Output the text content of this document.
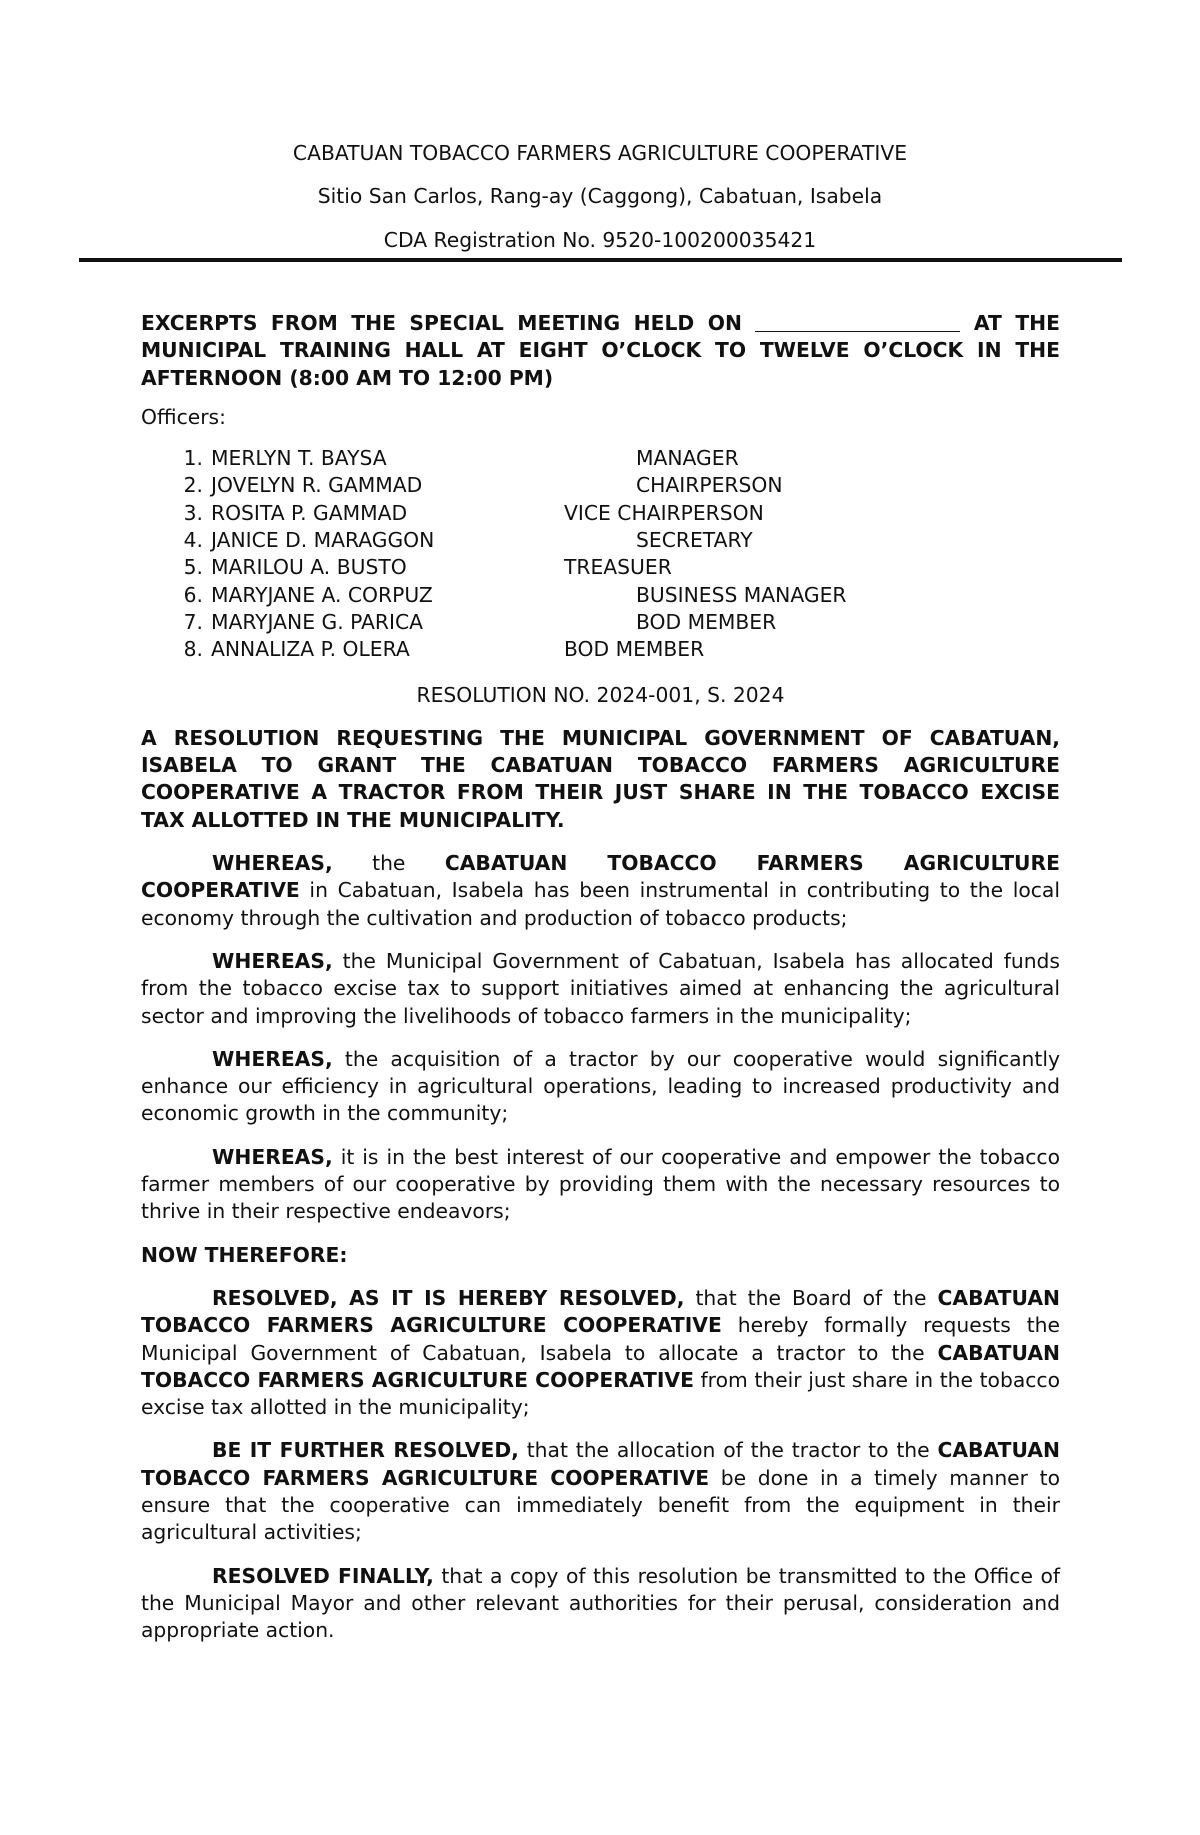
CABATUAN TOBACCO FARMERS AGRICULTURE COOPERATIVE
Sitio San Carlos, Rang-ay (Caggong), Cabatuan, Isabela
CDA Registration No. 9520-100200035421

EXCERPTS FROM THE SPECIAL MEETING HELD ON	AT THE MUNICIPAL TRAINING HALL AT EIGHT O’CLOCK TO TWELVE O’CLOCK IN THE AFTERNOON (8:00 AM TO 12:00 PM)

Officers:

1. MERLYN T. BAYSA	MANAGER
2. JOVELYN R. GAMMAD	CHAIRPERSON
3. ROSITA P. GAMMAD	VICE CHAIRPERSON
4. JANICE D. MARAGGON	SECRETARY
5. MARILOU A. BUSTO	TREASUER
6. MARYJANE A. CORPUZ	BUSINESS MANAGER
7. MARYJANE G. PARICA	BOD MEMBER
8. ANNALIZA P. OLERA	BOD MEMBER

RESOLUTION NO. 2024-001, S. 2024

A RESOLUTION REQUESTING THE MUNICIPAL GOVERNMENT OF CABATUAN, ISABELA TO GRANT THE CABATUAN TOBACCO FARMERS AGRICULTURE COOPERATIVE A TRACTOR FROM THEIR JUST SHARE IN THE TOBACCO EXCISE TAX ALLOTTED IN THE MUNICIPALITY.

WHEREAS, the CABATUAN TOBACCO FARMERS AGRICULTURE COOPERATIVE in Cabatuan, Isabela has been instrumental in contributing to the local economy through the cultivation and production of tobacco products;

WHEREAS, the Municipal Government of Cabatuan, Isabela has allocated funds from the tobacco excise tax to support initiatives aimed at enhancing the agricultural sector and improving the livelihoods of tobacco farmers in the municipality;

WHEREAS, the acquisition of a tractor by our cooperative would significantly enhance our efficiency in agricultural operations, leading to increased productivity and economic growth in the community;

WHEREAS, it is in the best interest of our cooperative and empower the tobacco farmer members of our cooperative by providing them with the necessary resources to thrive in their respective endeavors;

NOW THEREFORE:

RESOLVED, AS IT IS HEREBY RESOLVED, that the Board of the CABATUAN TOBACCO FARMERS AGRICULTURE COOPERATIVE hereby formally requests the Municipal Government of Cabatuan, Isabela to allocate a tractor to the CABATUAN TOBACCO FARMERS AGRICULTURE COOPERATIVE from their just share in the tobacco excise tax allotted in the municipality;

BE IT FURTHER RESOLVED, that the allocation of the tractor to the CABATUAN TOBACCO FARMERS AGRICULTURE COOPERATIVE be done in a timely manner to ensure that the cooperative can immediately benefit from the equipment in their agricultural activities;

RESOLVED FINALLY, that a copy of this resolution be transmitted to the Office of the Municipal Mayor and other relevant authorities for their perusal, consideration and appropriate action.
